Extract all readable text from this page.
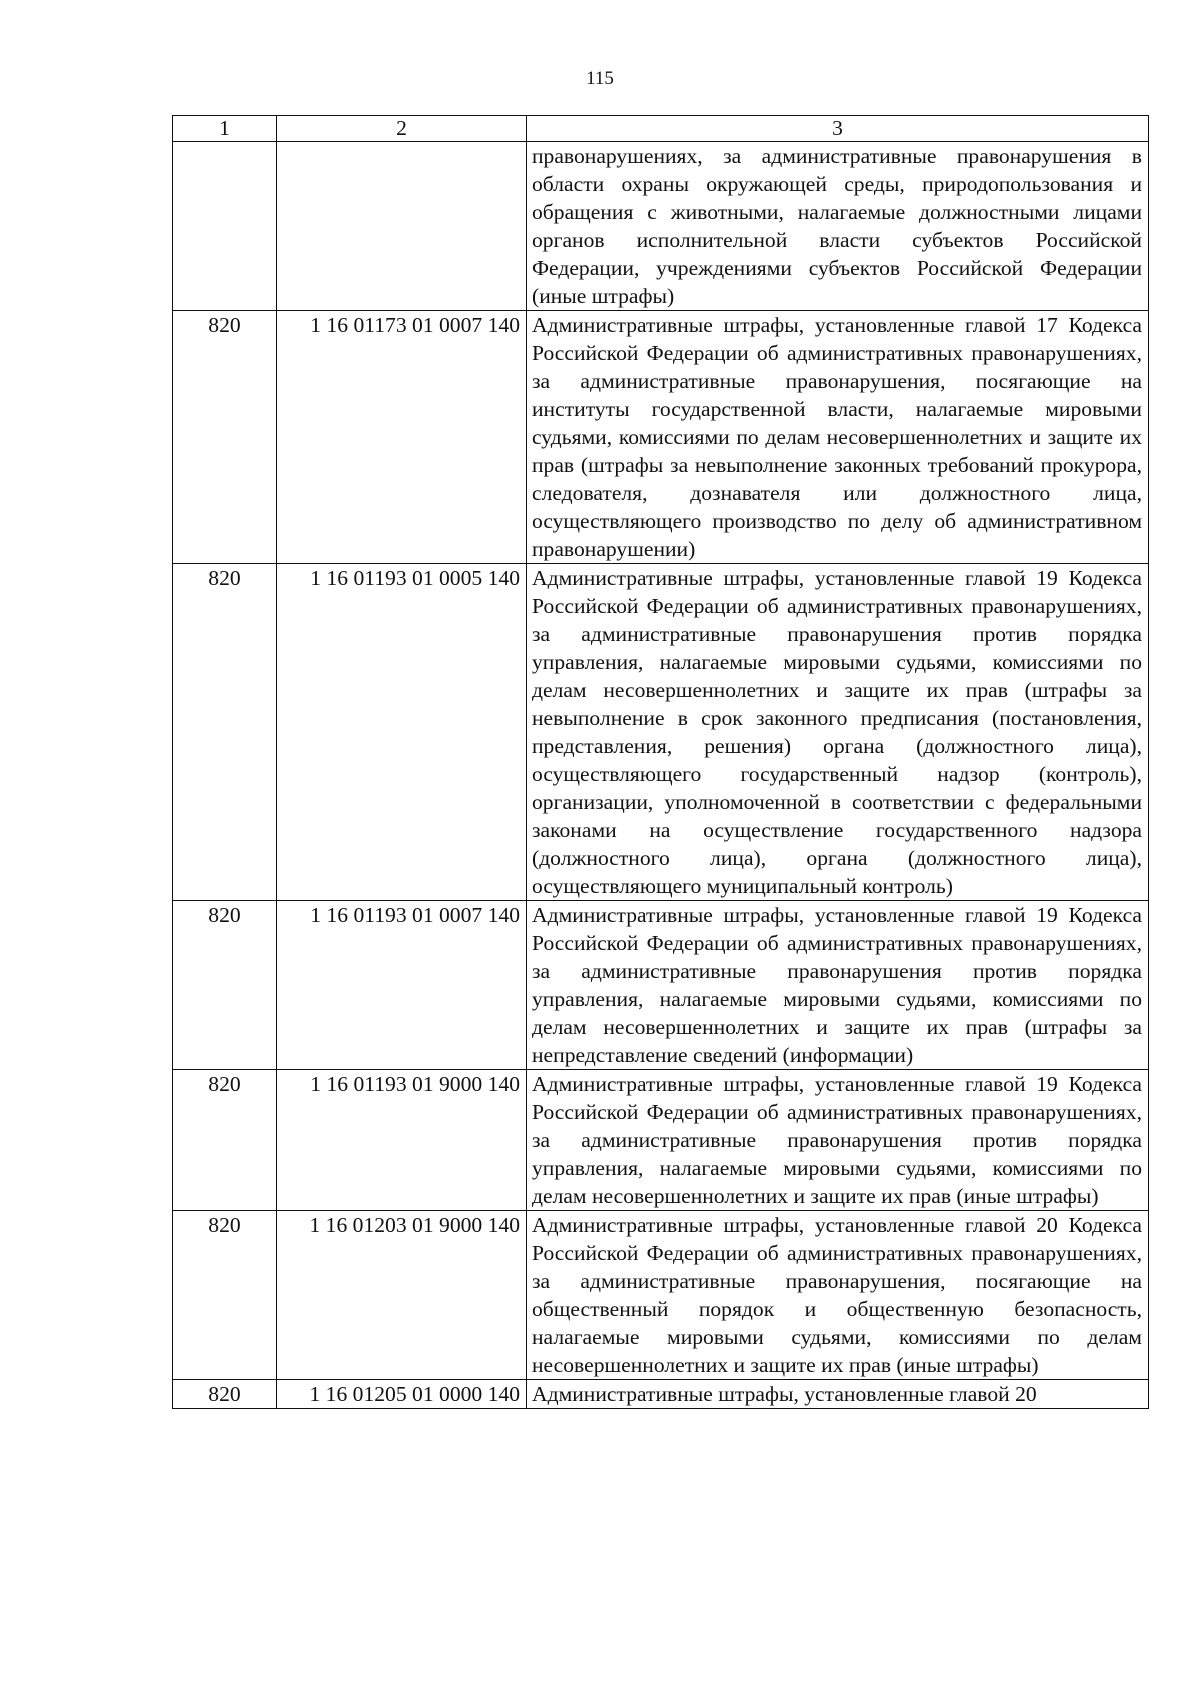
115
1	2	3
		правонарушениях, за административные правонарушения в области охраны окружающей среды, природопользования и обращения с животными, налагаемые должностными лицами органов исполнительной власти субъектов Российской Федерации, учреждениями субъектов Российской Федерации (иные штрафы)
820	1 16 01173 01 0007 140	Административные штрафы, установленные главой 17 Кодекса Российской Федерации об административных правонарушениях, за административные правонарушения, посягающие на институты государственной власти, налагаемые мировыми судьями, комиссиями по делам несовершеннолетних и защите их прав (штрафы за невыполнение законных требований прокурора, следователя, дознавателя или должностного лица, осуществляющего производство по делу об административном правонарушении)
820	1 16 01193 01 0005 140	Административные штрафы, установленные главой 19 Кодекса Российской Федерации об административных правонарушениях, за административные правонарушения против порядка управления, налагаемые мировыми судьями, комиссиями по делам несовершеннолетних и защите их прав (штрафы за невыполнение в срок законного предписания (постановления, представления, решения) органа (должностного лица), осуществляющего государственный надзор (контроль), организации, уполномоченной в соответствии с федеральными законами на осуществление государственного надзора (должностного лица), органа (должностного лица), осуществляющего муниципальный контроль)
820	1 16 01193 01 0007 140	Административные штрафы, установленные главой 19 Кодекса Российской Федерации об административных правонарушениях, за административные правонарушения против порядка управления, налагаемые мировыми судьями, комиссиями по делам несовершеннолетних и защите их прав (штрафы за непредставление сведений (информации)
820	1 16 01193 01 9000 140	Административные штрафы, установленные главой 19 Кодекса Российской Федерации об административных правонарушениях, за административные правонарушения против порядка управления, налагаемые мировыми судьями, комиссиями по делам несовершеннолетних и защите их прав (иные штрафы)
820	1 16 01203 01 9000 140	Административные штрафы, установленные главой 20 Кодекса Российской Федерации об административных правонарушениях, за административные правонарушения, посягающие на общественный порядок и общественную безопасность, налагаемые мировыми судьями, комиссиями по делам несовершеннолетних и защите их прав (иные штрафы)
820	1 16 01205 01 0000 140	Административные штрафы, установленные главой 20
